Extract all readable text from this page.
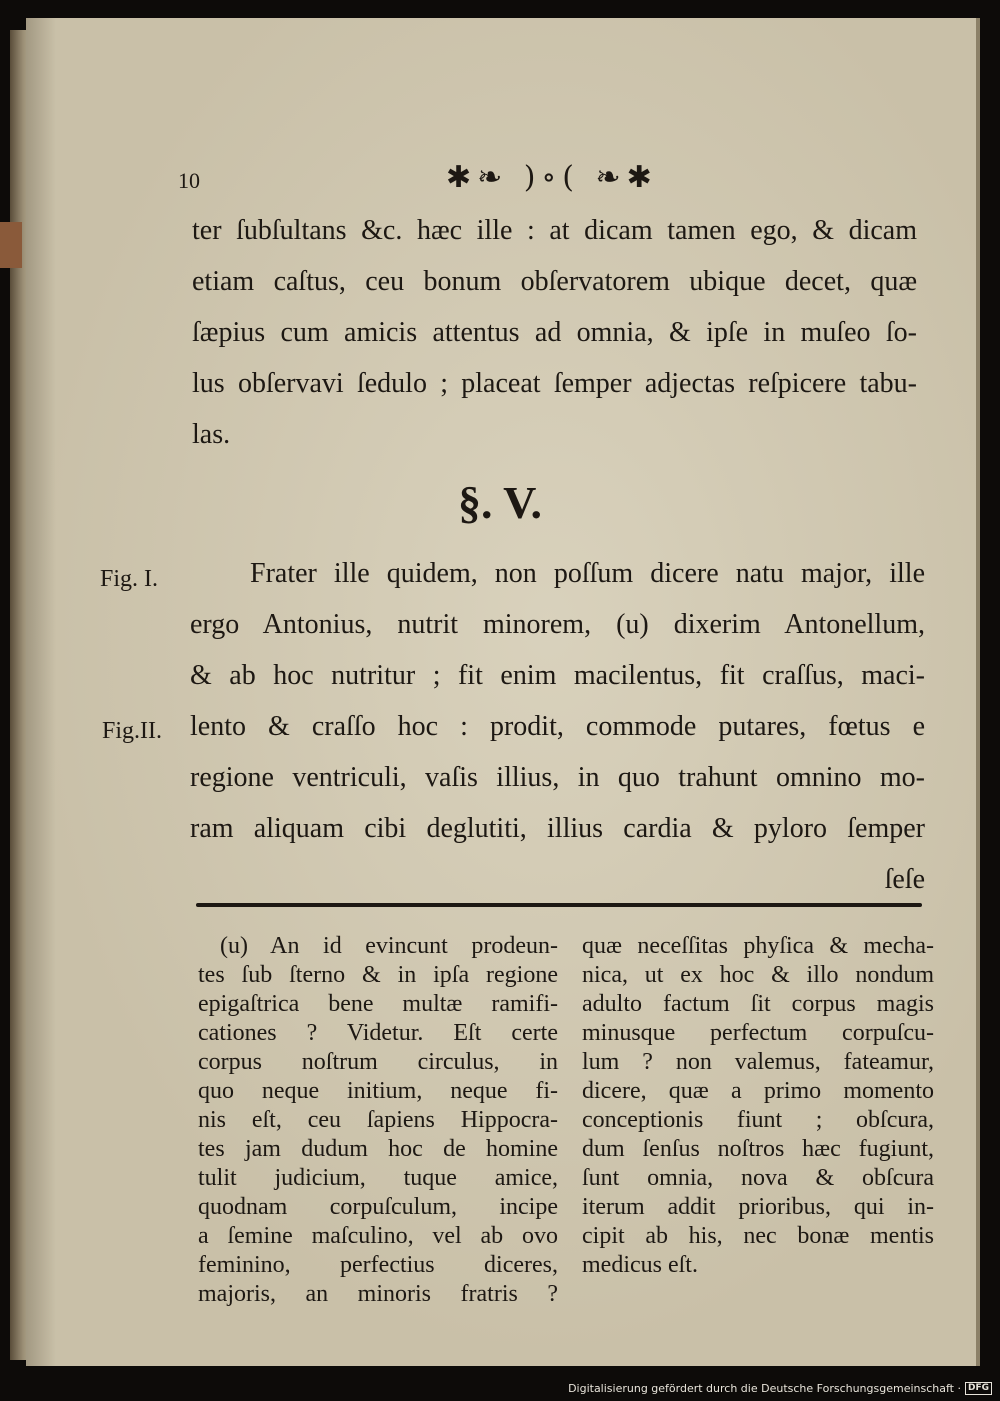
10	✱❧ )∘( ❧✱
ter ſubſultans &c. hæc ille : at dicam tamen ego, & dicam
etiam caſtus, ceu bonum obſervatorem ubique decet, quæ
ſæpius cum amicis attentus ad omnia, & ipſe in muſeo ſo-
lus obſervavi ſedulo ; placeat ſemper adjectas reſpicere tabu-
las.
§. V.
Fig. I.
Fig.II.
Frater ille quidem, non poſſum dicere natu major, ille
ergo Antonius, nutrit minorem, (u) dixerim Antonellum,
& ab hoc nutritur ; fit enim macilentus, fit craſſus, maci-
lento & craſſo hoc : prodit, commode putares, fœtus e
regione ventriculi, vaſis illius, in quo trahunt omnino mo-
ram aliquam cibi deglutiti, illius cardia & pyloro ſemper
ſeſe
(u) An id evincunt prodeun-
tes ſub ſterno & in ipſa regione
epigaſtrica bene multæ ramifi-
cationes ? Videtur. Eſt certe
corpus noſtrum circulus, in
quo neque initium, neque fi-
nis eſt, ceu ſapiens Hippocra-
tes jam dudum hoc de homine
tulit judicium, tuque amice,
quodnam corpuſculum, incipe
a ſemine maſculino, vel ab ovo
feminino, perfectius diceres,
majoris, an minoris fratris ?
quæ neceſſitas phyſica & mecha-
nica, ut ex hoc & illo nondum
adulto factum ſit corpus magis
minusque perfectum corpuſcu-
lum ? non valemus, fateamur,
dicere, quæ a primo momento
conceptionis fiunt ; obſcura,
dum ſenſus noſtros hæc fugiunt,
ſunt omnia, nova & obſcura
iterum addit prioribus, qui in-
cipit ab his, nec bonæ mentis
medicus eſt.
Digitalisierung gefördert durch die Deutsche Forschungsgemeinschaft · DFG
